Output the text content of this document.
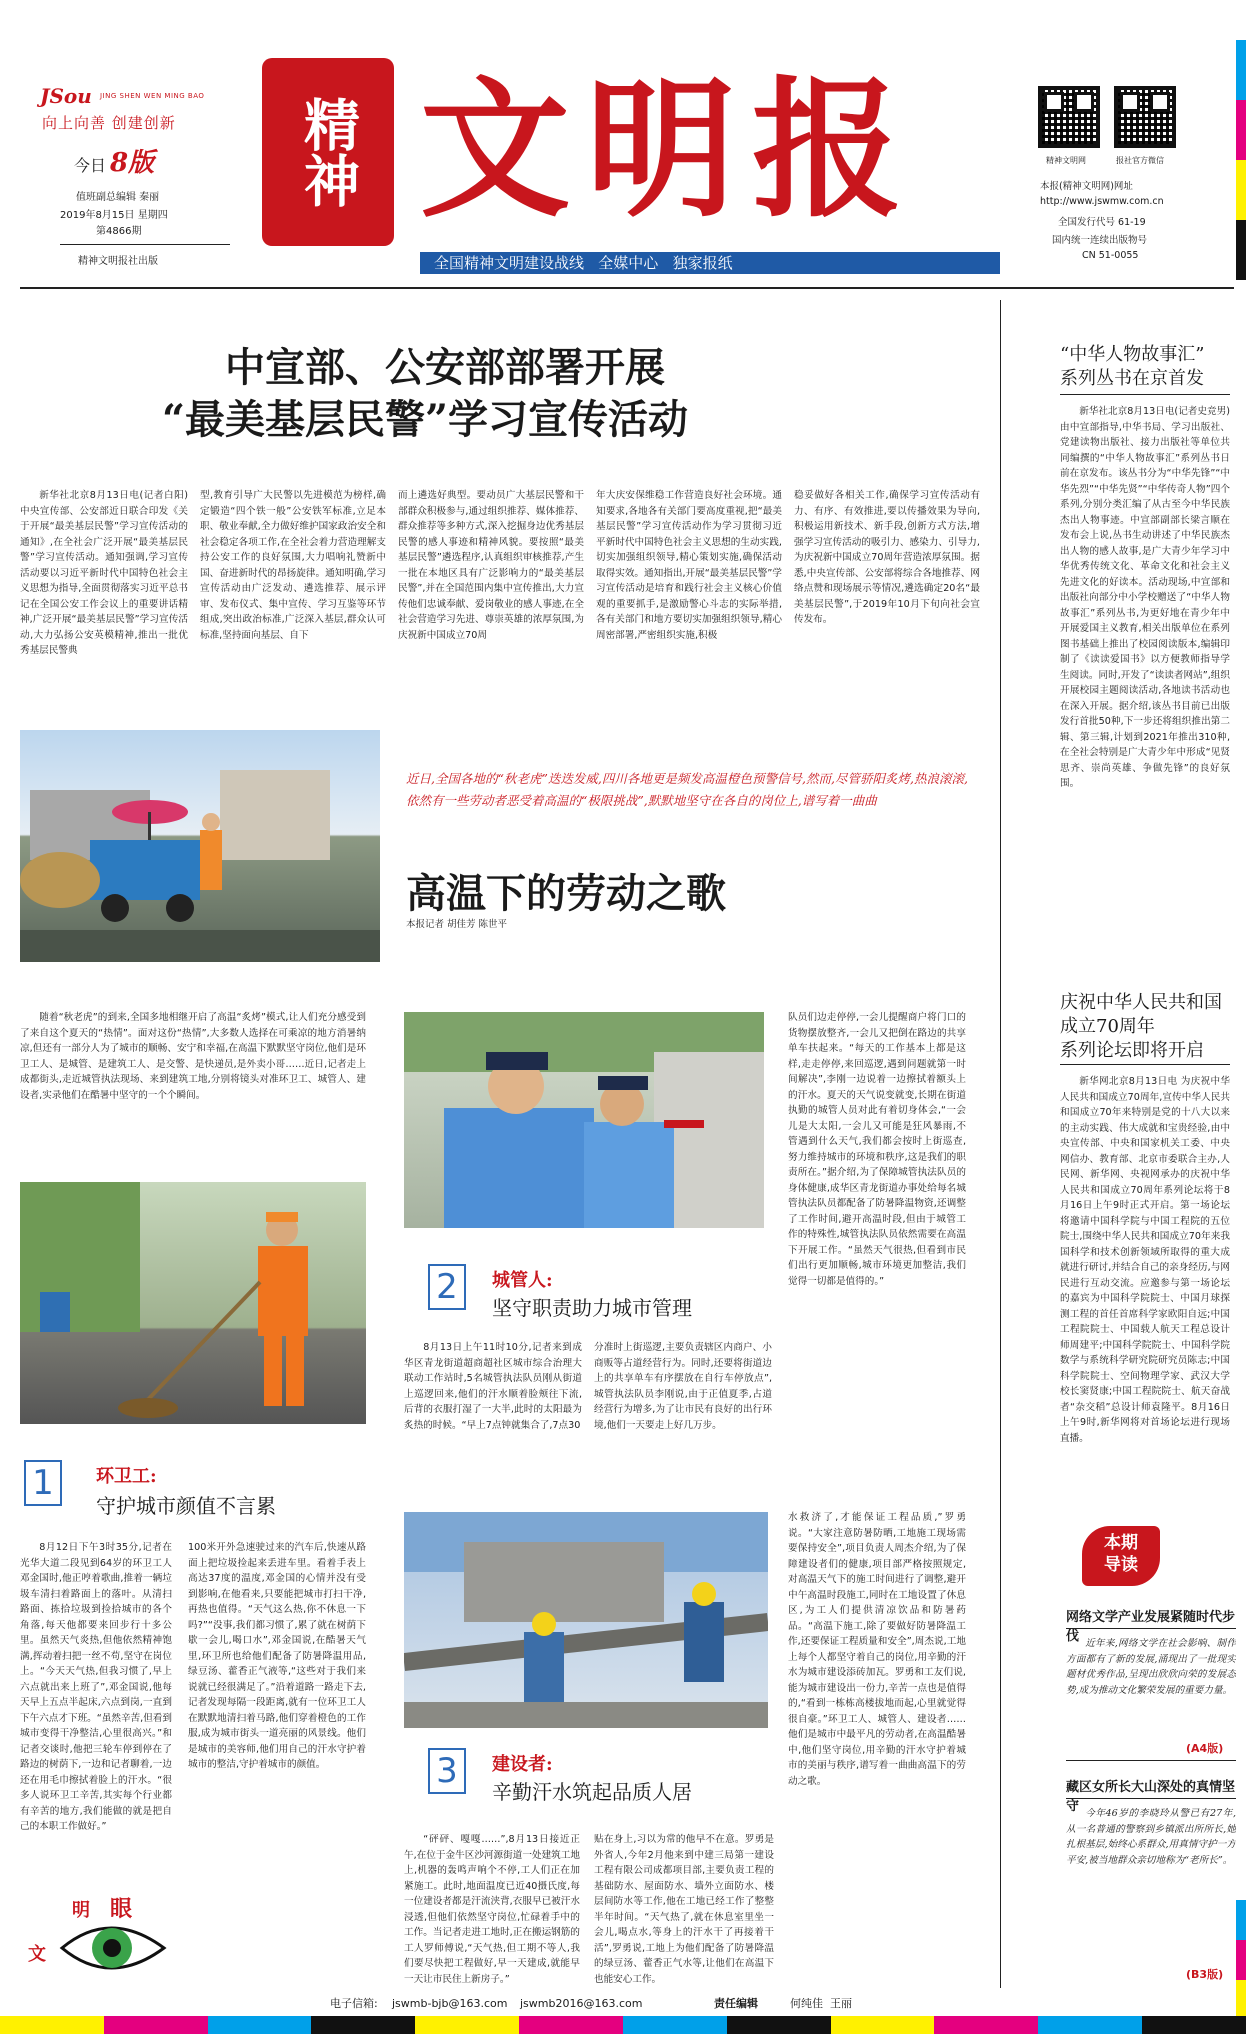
JSou JING SHEN WEN MING BAO
向上向善 创建创新
今日 8版
值班副总编辑 秦丽
2019年8月15日 星期四
第4866期
精神文明报社出版
精神 文明报
全国精神文明建设战线   全媒中心   独家报纸
精神文明网	报社官方微信
本报(精神文明网)网址
http://www.jswmw.com.cn
全国发行代号 61-19
国内统一连续出版物号
CN 51-0055
中宣部、公安部部署开展
“最美基层民警”学习宣传活动
新华社北京8月13日电(记者白阳)中央宣传部、公安部近日联合印发《关于开展“最美基层民警”学习宣传活动的通知》,在全社会广泛开展“最美基层民警”学习宣传活动。通知强调,学习宣传活动要以习近平新时代中国特色社会主义思想为指导,全面贯彻落实习近平总书记在全国公安工作会议上的重要讲话精神,广泛开展“最美基层民警”学习宣传活动,大力弘扬公安英模精神,推出一批优秀基层民警典
型,教育引导广大民警以先进模范为榜样,确定锻造“四个铁一般”公安铁军标准,立足本职、敬业奉献,全力做好维护国家政治安全和社会稳定各项工作,在全社会着力营造理解支持公安工作的良好氛围,大力唱响礼赞新中国、奋进新时代的昂扬旋律。通知明确,学习宣传活动由广泛发动、遴选推荐、展示评审、发布仪式、集中宣传、学习互鉴等环节组成,突出政治标准,广泛深入基层,群众认可标准,坚持面向基层、自下
而上遴选好典型。要动员广大基层民警和干部群众积极参与,通过组织推荐、媒体推荐、群众推荐等多种方式,深入挖掘身边优秀基层民警的感人事迹和精神风貌。要按照“最美基层民警”遴选程序,认真组织审核推荐,产生一批在本地区具有广泛影响力的“最美基层民警”,并在全国范围内集中宣传推出,大力宣传他们忠诚奉献、爱岗敬业的感人事迹,在全社会营造学习先进、尊崇英雄的浓厚氛围,为庆祝新中国成立70周
年大庆安保维稳工作营造良好社会环境。通知要求,各地各有关部门要高度重视,把“最美基层民警”学习宣传活动作为学习贯彻习近平新时代中国特色社会主义思想的生动实践,切实加强组织领导,精心策划实施,确保活动取得实效。通知指出,开展“最美基层民警”学习宣传活动是培育和践行社会主义核心价值观的重要抓手,是激励警心斗志的实际举措,各有关部门和地方要切实加强组织领导,精心周密部署,严密组织实施,积极
稳妥做好各相关工作,确保学习宣传活动有力、有序、有效推进,要以传播效果为导向,积极运用新技术、新手段,创新方式方法,增强学习宣传活动的吸引力、感染力、引导力,为庆祝新中国成立70周年营造浓厚氛围。据悉,中央宣传部、公安部将综合各地推荐、网络点赞和现场展示等情况,遴选确定20名“最美基层民警”,于2019年10月下旬向社会宣传发布。
“中华人物故事汇”
系列丛书在京首发
新华社北京8月13日电(记者史竞男)由中宣部指导,中华书局、学习出版社、党建读物出版社、接力出版社等单位共同编撰的“中华人物故事汇”系列丛书日前在京发布。该丛书分为“中华先锋”“中华先烈”“中华先贤”“中华传奇人物”四个系列,分别分类汇编了从古至今中华民族杰出人物事迹。中宣部副部长梁言顺在发布会上说,丛书生动讲述了中华民族杰出人物的感人故事,是广大青少年学习中华优秀传统文化、革命文化和社会主义先进文化的好读本。活动现场,中宣部和出版社向部分中小学校赠送了“中华人物故事汇”系列丛书,为更好地在青少年中开展爱国主义教育,相关出版单位在系列图书基础上推出了校园阅读版本,编辑印制了《读读爱国书》以方便教师指导学生阅读。同时,开发了“读读者网站”,组织开展校园主题阅读活动,各地读书活动也在深入开展。据介绍,该丛书目前已出版发行首批50种,下一步还将组织推出第二辑、第三辑,计划到2021年推出310种,在全社会特别是广大青少年中形成“见贤思齐、崇尚英雄、争做先锋”的良好氛围。
庆祝中华人民共和国
成立70周年
系列论坛即将开启
新华网北京8月13日电 为庆祝中华人民共和国成立70周年,宣传中华人民共和国成立70年来特别是党的十八大以来的主动实践、伟大成就和宝贵经验,由中央宣传部、中央和国家机关工委、中央网信办、教育部、北京市委联合主办,人民网、新华网、央视网承办的庆祝中华人民共和国成立70周年系列论坛将于8月16日上午9时正式开启。第一场论坛将邀请中国科学院与中国工程院的五位院士,围绕中华人民共和国成立70年来我国科学和技术创新领域所取得的重大成就进行研讨,并结合自己的亲身经历,与网民进行互动交流。应邀参与第一场论坛的嘉宾为中国科学院院士、中国月球探测工程的首任首席科学家欧阳自远;中国工程院院士、中国载人航天工程总设计师周建平;中国科学院院士、中国科学院数学与系统科学研究院研究员陈志;中国科学院院士、空间物理学家、武汉大学校长窦贤康;中国工程院院士、航天奋战者“杂交稻”总设计师袁隆平。8月16日上午9时,新华网将对首场论坛进行现场直播。
本期
导读
网络文学产业发展紧随时代步伐 近年来,网络文学在社会影响、制作方面都有了新的发展,涌现出了一批现实题材优秀作品,呈现出欣欣向荣的发展态势,成为推动文化繁荣发展的重要力量。
(A4版)
藏区女所长大山深处的真情坚守 今年46岁的李晓玲从警已有27年,从一名普通的警察到乡镇派出所所长,她扎根基层,始终心系群众,用真情守护一方平安,被当地群众亲切地称为“老所长”。
(B3版)
近日,全国各地的“秋老虎”迭迭发威,四川各地更是频发高温橙色预警信号,然而,尽管骄阳炙烤,热浪滚滚,依然有一些劳动者恶受着高温的“极限挑战”,默默地坚守在各自的岗位上,谱写着一曲曲
高温下的劳动之歌
本报记者 胡佳芳 陈世平
随着“秋老虎”的到来,全国多地相继开启了高温“炙烤”模式,让人们充分感受到了来自这个夏天的“热情”。面对这份“热情”,大多数人选择在可乘凉的地方消暑纳凉,但还有一部分人为了城市的顺畅、安宁和幸福,在高温下默默坚守岗位,他们是环卫工人、是城管、是建筑工人、是交警、是快递员,是外卖小哥……近日,记者走上成都街头,走近城管执法现场、来到建筑工地,分别将镜头对准环卫工、城管人、建设者,实录他们在酷暑中坚守的一个个瞬间。
队员们边走停停,一会儿提醒商户将门口的货物摆放整齐,一会儿又把倒在路边的共享单车扶起来。“每天的工作基本上都是这样,走走停停,来回巡逻,遇到问题就第一时间解决”,李刚一边说着一边擦拭着额头上的汗水。夏天的天气说变就变,长期在街道执勤的城管人员对此有着切身体会,“一会儿是大太阳,一会儿又可能是狂风暴雨,不管遇到什么天气,我们都会按时上街巡查,努力维持城市的环境和秩序,这是我们的职责所在。”据介绍,为了保障城管执法队员的身体健康,成华区青龙街道办事处给每名城管执法队员都配备了防暑降温物资,还调整了工作时间,避开高温时段,但由于城管工作的特殊性,城管执法队员依然需要在高温下开展工作。“虽然天气很热,但看到市民们出行更加顺畅,城市环境更加整洁,我们觉得一切都是值得的。”
1	环卫工:
守护城市颜值不言累
8月12日下午3时35分,记者在光华大道二段见到64岁的环卫工人邓金国时,他正哼着歌曲,推着一辆垃圾车清扫着路面上的落叶。从清扫路面、拣拾垃圾到捡拾城市的各个角落,每天他都要来回步行十多公里。虽然天气炎热,但他依然精神饱满,挥动着扫把一丝不苟,坚守在岗位上。“今天天气热,但我习惯了,早上六点就出来上班了”,邓金国说,他每天早上五点半起床,六点到岗,一直到下午六点才下班。“虽然辛苦,但看到城市变得干净整洁,心里很高兴。”和记者交谈时,他把三轮车停到停在了路边的树荫下,一边和记者聊着,一边还在用毛巾擦拭着脸上的汗水。“很多人说环卫工辛苦,其实每个行业都有辛苦的地方,我们能做的就是把自己的本职工作做好。”
100米开外急速驶过来的汽车后,快速从路面上把垃圾捡起来丢进车里。看着手表上高达37度的温度,邓金国的心情并没有受到影响,在他看来,只要能把城市打扫干净,再热也值得。“天气这么热,你不休息一下吗?”“没事,我们都习惯了,累了就在树荫下歇一会儿,喝口水”,邓金国说,在酷暑天气里,环卫所也给他们配备了防暑降温用品,绿豆汤、藿香正气液等,“这些对于我们来说就已经很满足了。”沿着道路一路走下去,记者发现每隔一段距离,就有一位环卫工人在默默地清扫着马路,他们穿着橙色的工作服,成为城市街头一道亮丽的风景线。他们是城市的美容师,他们用自己的汗水守护着城市的整洁,守护着城市的颜值。
2	城管人:
坚守职责助力城市管理
8月13日上午11时10分,记者来到成华区青龙街道超商超社区城市综合治理大联动工作站时,5名城管执法队员刚从街道上巡逻回来,他们的汗水顺着脸颊往下流,后背的衣服打湿了一大半,此时的太阳最为炙热的时候。“早上7点钟就集合了,7点30
分准时上街巡逻,主要负责辖区内商户、小商贩等占道经营行为。同时,还要将街道边上的共享单车有序摆放在自行车停放点”,城管执法队员李刚说,由于正值夏季,占道经营行为增多,为了让市民有良好的出行环境,他们一天要走上好几万步。
3	建设者:
辛勤汗水筑起品质人居
“砰砰、嘎嘎……”,8月13日接近正午,在位于金牛区沙河源街道一处建筑工地上,机器的轰鸣声响个不停,工人们正在加紧施工。此时,地面温度已近40摄氏度,每一位建设者都是汗流浃背,衣服早已被汗水浸透,但他们依然坚守岗位,忙碌着手中的工作。当记者走进工地时,正在搬运钢筋的工人罗师傅说,“天气热,但工期不等人,我们要尽快把工程做好,早一天建成,就能早一天让市民住上新房子。”
贴在身上,习以为常的他早不在意。罗勇是外省人,今年2月他来到中建三局第一建设工程有限公司成都项目部,主要负责工程的基础防水、屋面防水、墙外立面防水、楼层间防水等工作,他在工地已经工作了整整半年时间。“天气热了,就在休息室里坐一会儿,喝点水,等身上的汗水干了再接着干活”,罗勇说,工地上为他们配备了防暑降温的绿豆汤、藿香正气水等,让他们在高温下也能安心工作。
水救济了,才能保证工程品质,”罗勇说。“大家注意防暑防晒,工地施工现场需要保持安全”,项目负责人周杰介绍,为了保障建设者们的健康,项目部严格按照规定,对高温天气下的施工时间进行了调整,避开中午高温时段施工,同时在工地设置了休息区,为工人们提供清凉饮品和防暑药品。“高温下施工,除了要做好防暑降温工作,还要保证工程质量和安全”,周杰说,工地上每个人都坚守着自己的岗位,用辛勤的汗水为城市建设添砖加瓦。罗勇和工友们说,能为城市建设出一份力,辛苦一点也是值得的,“看到一栋栋高楼拔地而起,心里就觉得很自豪。”环卫工人、城管人、建设者……他们是城市中最平凡的劳动者,在高温酷暑中,他们坚守岗位,用辛勤的汗水守护着城市的美丽与秩序,谱写着一曲曲高温下的劳动之歌。
明 眼
文
电子信箱: jswmb-bjb@163.com jswmb2016@163.com	责任编辑	何纯佳  王丽
